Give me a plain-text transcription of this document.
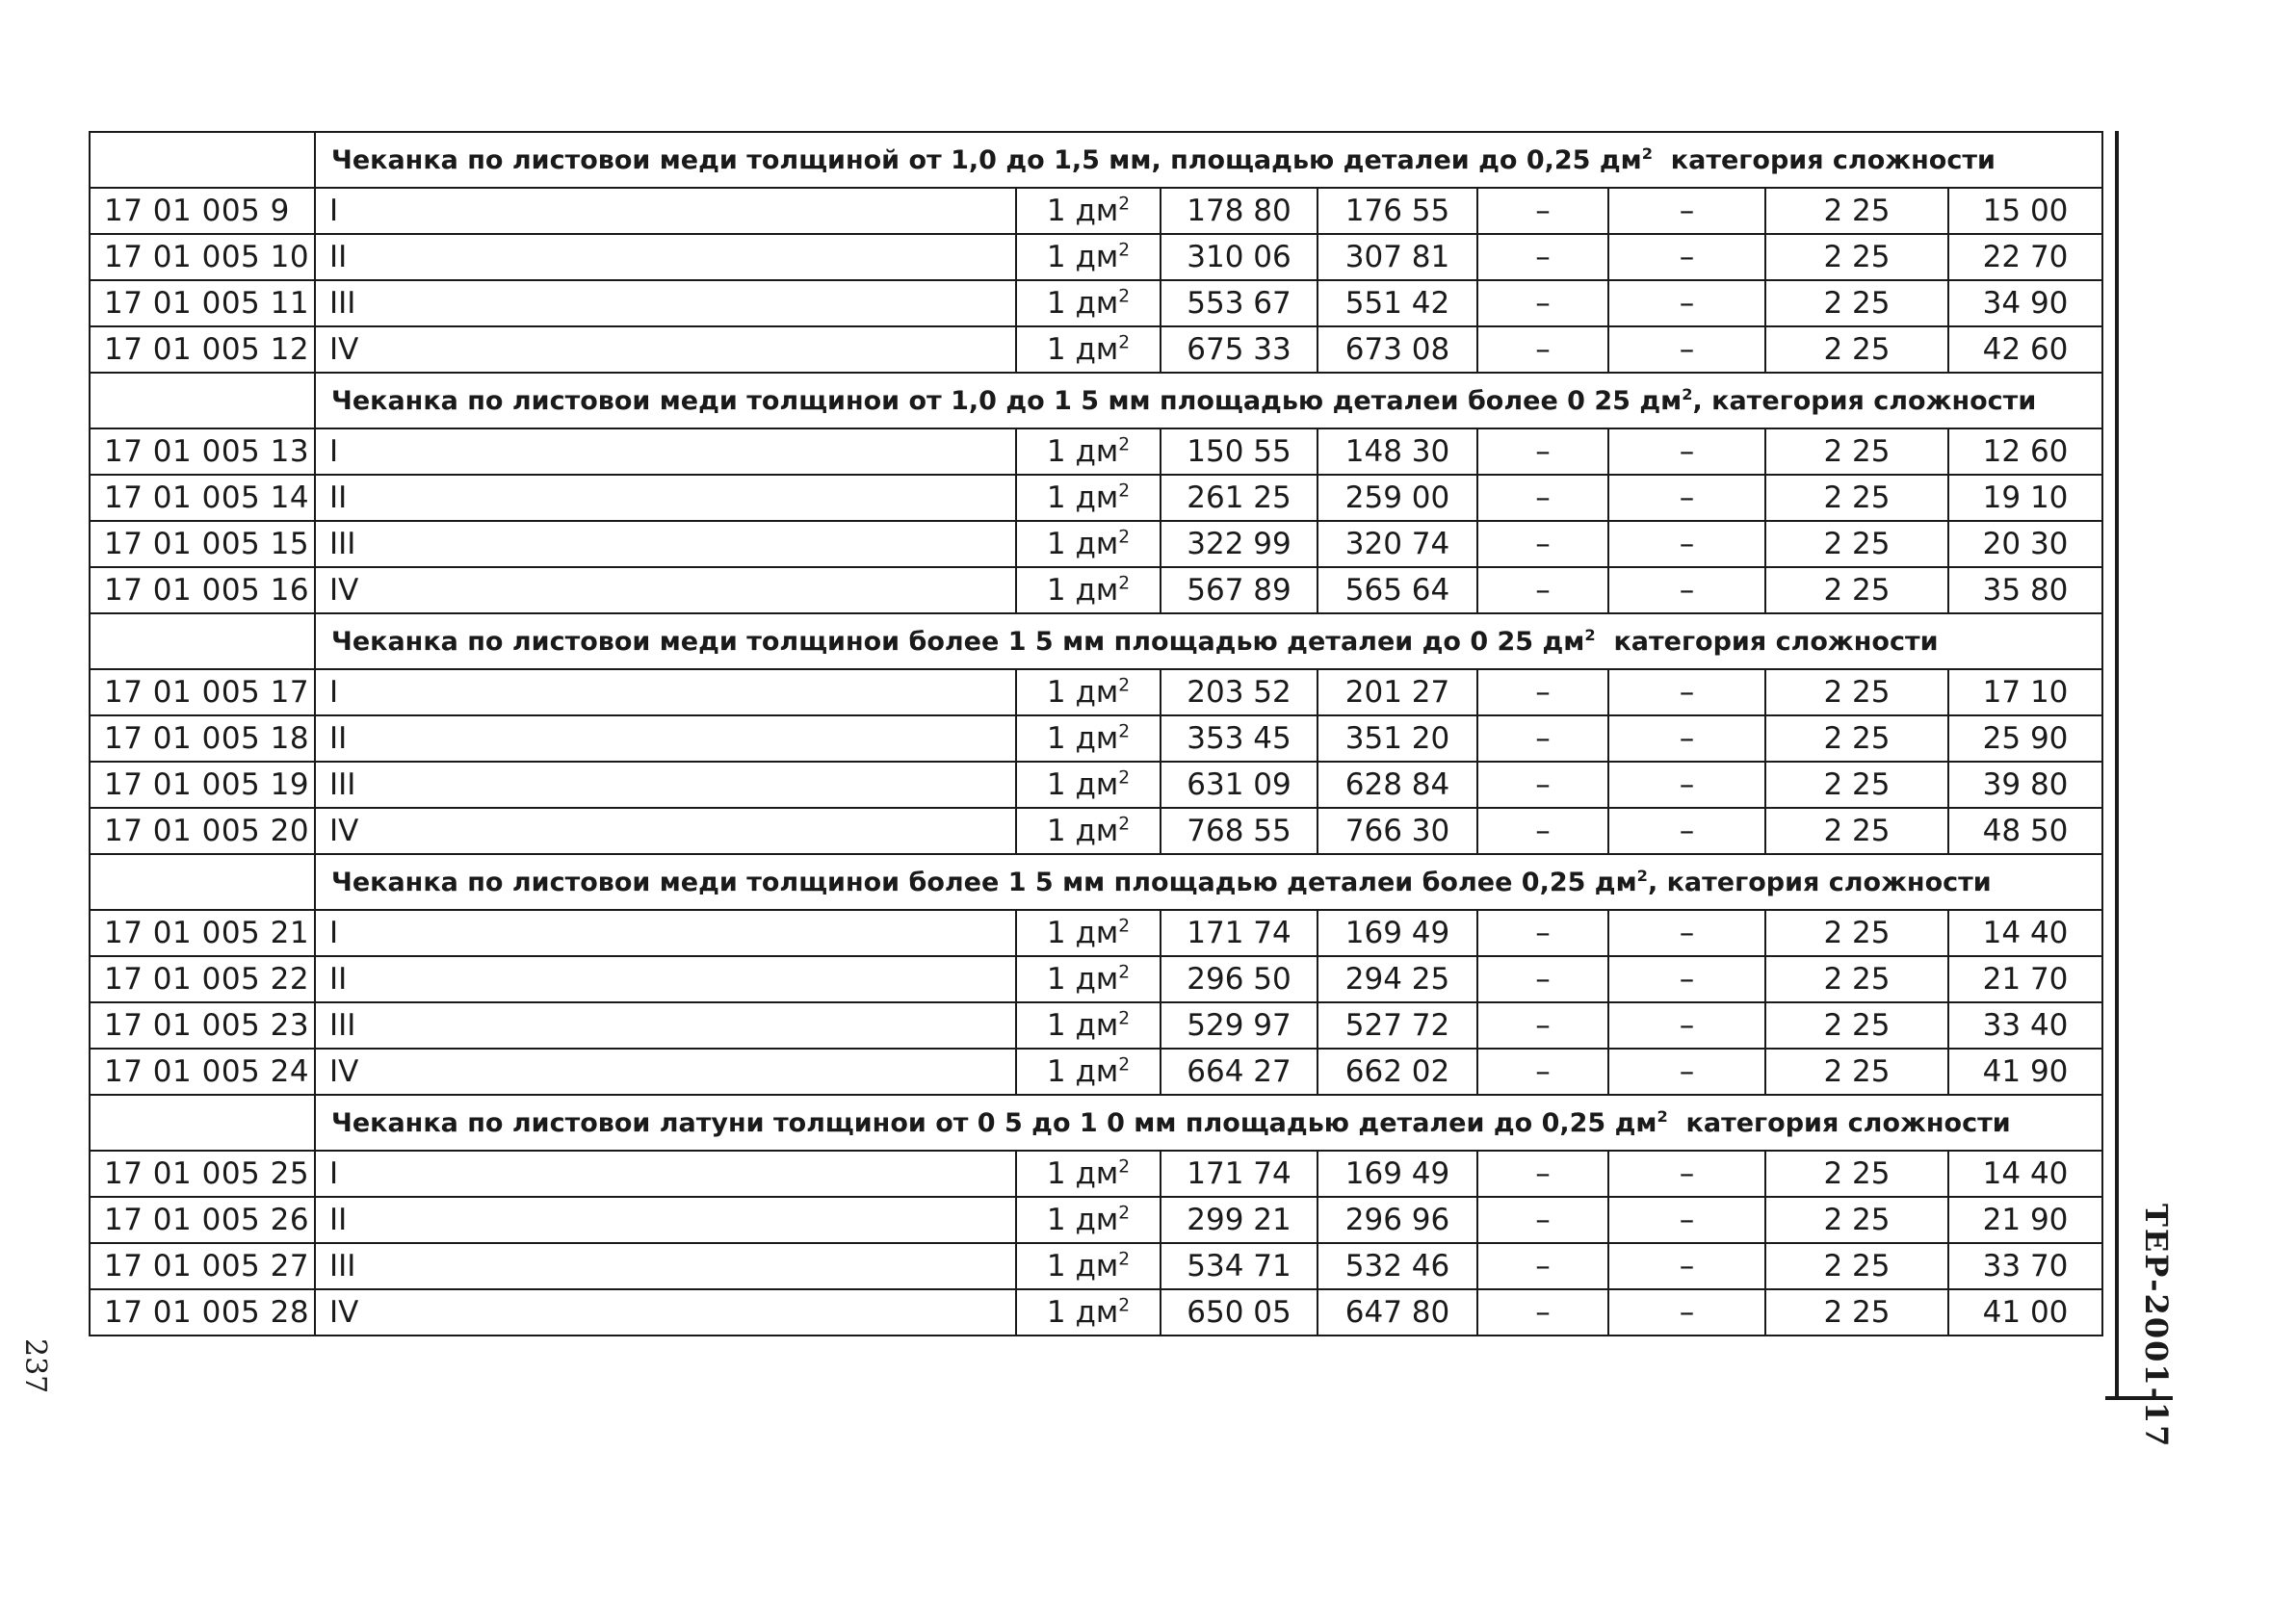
	Чеканка по листовои меди толщиной от 1,0 до 1,5 мм, площадью деталеи до 0,25 $дм^2$  категория сложности							
17 01 005 9	I	1 $дм^2$	178 80	176 55	–	–	2 25	15 00
17 01 005 10	II	1 $дм^2$	310 06	307 81	–	–	2 25	22 70
17 01 005 11	III	1 $дм^2$	553 67	551 42	–	–	2 25	34 90
17 01 005 12	IV	1 $дм^2$	675 33	673 08	–	–	2 25	42 60
	Чеканка по листовои меди толщинои от 1,0 до 1 5 мм площадью деталеи более 0 25 $дм^2$, категория сложности							
17 01 005 13	I	1 $дм^2$	150 55	148 30	–	–	2 25	12 60
17 01 005 14	II	1 $дм^2$	261 25	259 00	–	–	2 25	19 10
17 01 005 15	III	1 $дм^2$	322 99	320 74	–	–	2 25	20 30
17 01 005 16	IV	1 $дм^2$	567 89	565 64	–	–	2 25	35 80
	Чеканка по листовои меди толщинои более 1 5 мм площадью деталеи до 0 25 $дм^2$  категория сложности							
17 01 005 17	I	1 $дм^2$	203 52	201 27	–	–	2 25	17 10
17 01 005 18	II	1 $дм^2$	353 45	351 20	–	–	2 25	25 90
17 01 005 19	III	1 $дм^2$	631 09	628 84	–	–	2 25	39 80
17 01 005 20	IV	1 $дм^2$	768 55	766 30	–	–	2 25	48 50
	Чеканка по листовои меди толщинои более 1 5 мм площадью деталеи более 0,25 $дм^2$, категория сложности							
17 01 005 21	I	1 $дм^2$	171 74	169 49	–	–	2 25	14 40
17 01 005 22	II	1 $дм^2$	296 50	294 25	–	–	2 25	21 70
17 01 005 23	III	1 $дм^2$	529 97	527 72	–	–	2 25	33 40
17 01 005 24	IV	1 $дм^2$	664 27	662 02	–	–	2 25	41 90
	Чеканка по листовои латуни толщинои от 0 5 до 1 0 мм площадью деталеи до 0,25 $дм^2$  категория сложности							
17 01 005 25	I	1 $дм^2$	171 74	169 49	–	–	2 25	14 40
17 01 005 26	II	1 $дм^2$	299 21	296 96	–	–	2 25	21 90
17 01 005 27	III	1 $дм^2$	534 71	532 46	–	–	2 25	33 70
17 01 005 28	IV	1 $дм^2$	650 05	647 80	–	–	2 25	41 00 ТЕР-2001-17
237
